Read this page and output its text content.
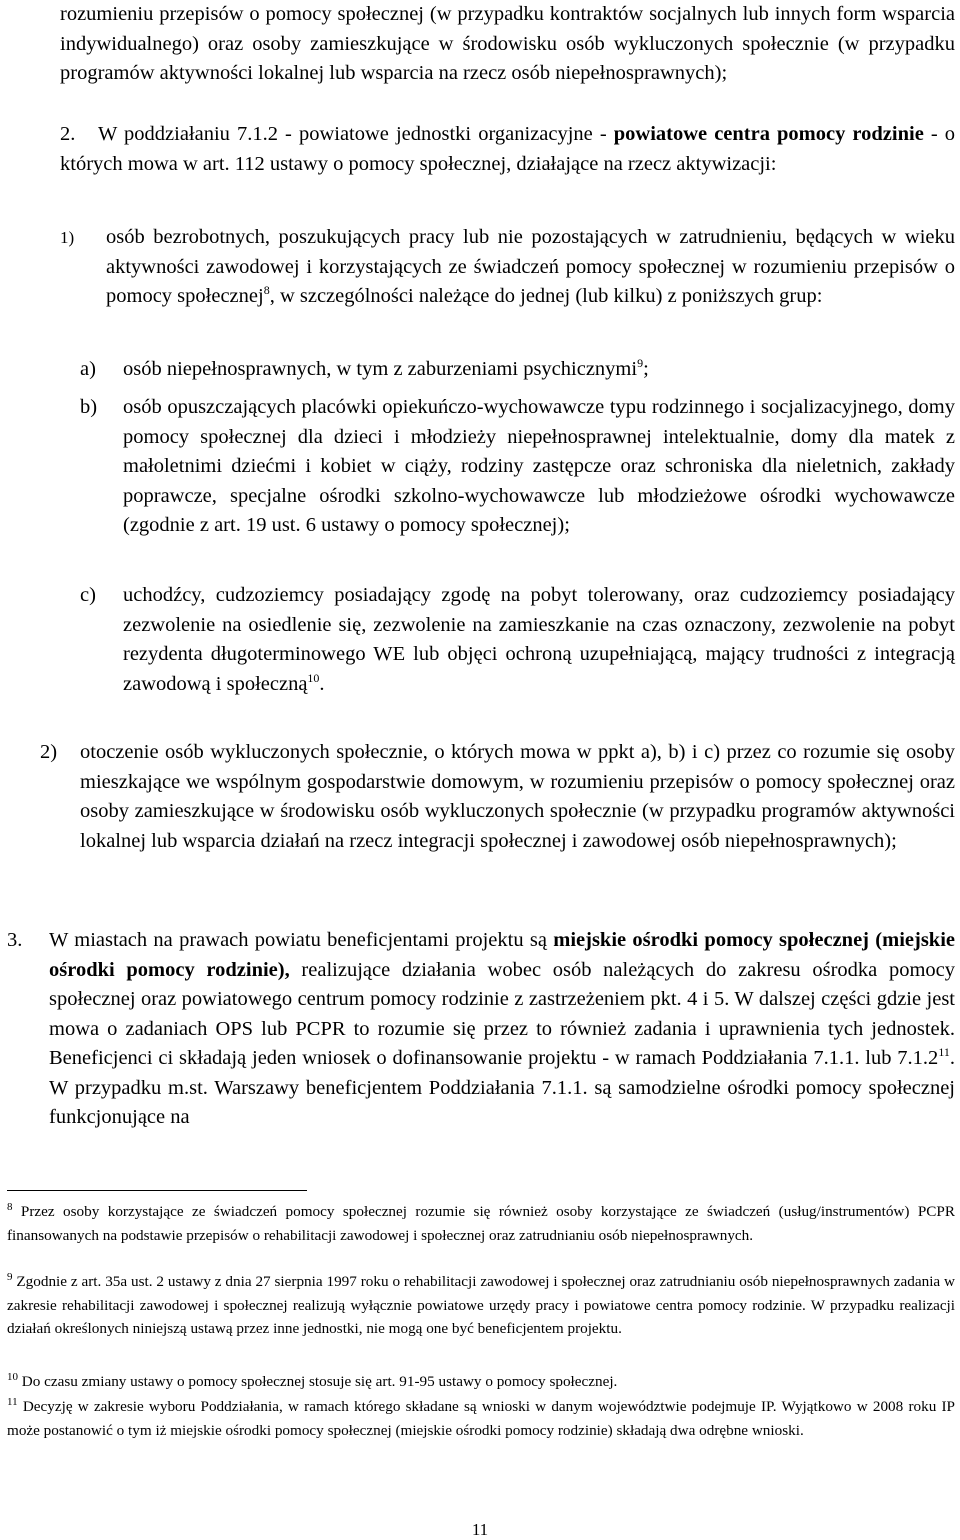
rozumieniu przepisów o pomocy społecznej (w przypadku kontraktów socjalnych lub innych form wsparcia indywidualnego) oraz osoby zamieszkujące w środowisku osób wykluczonych społecznie (w przypadku programów aktywności lokalnej lub wsparcia na rzecz osób niepełnosprawnych);

2. W poddziałaniu 7.1.2 - powiatowe jednostki organizacyjne - powiatowe centra pomocy rodzinie - o których mowa w art. 112 ustawy o pomocy społecznej, działające na rzecz aktywizacji:

1) osób bezrobotnych, poszukujących pracy lub nie pozostających w zatrudnieniu, będących w wieku aktywności zawodowej i korzystających ze świadczeń pomocy społecznej w rozumieniu przepisów o pomocy społecznej$^8$, w szczególności należące do jednej (lub kilku) z poniższych grup:
a) osób niepełnosprawnych, w tym z zaburzeniami psychicznymi$^9$;
b) osób opuszczających placówki opiekuńczo-wychowawcze typu rodzinnego i socjalizacyjnego, domy pomocy społecznej dla dzieci i młodzieży niepełnosprawnej intelektualnie, domy dla matek z małoletnimi dziećmi i kobiet w ciąży, rodziny zastępcze oraz schroniska dla nieletnich, zakłady poprawcze, specjalne ośrodki szkolno-wychowawcze lub młodzieżowe ośrodki wychowawcze (zgodnie z art. 19 ust. 6 ustawy o pomocy społecznej);
c) uchodźcy, cudzoziemcy posiadający zgodę na pobyt tolerowany, oraz cudzoziemcy posiadający zezwolenie na osiedlenie się, zezwolenie na zamieszkanie na czas oznaczony, zezwolenie na pobyt rezydenta długoterminowego WE lub objęci ochroną uzupełniającą, mający trudności z integracją zawodową i społeczną$^{10}$.
2) otoczenie osób wykluczonych społecznie, o których mowa w ppkt a), b) i c) przez co rozumie się osoby mieszkające we wspólnym gospodarstwie domowym, w rozumieniu przepisów o pomocy społecznej oraz osoby zamieszkujące w środowisku osób wykluczonych społecznie (w przypadku programów aktywności lokalnej lub wsparcia działań na rzecz integracji społecznej i zawodowej osób niepełnosprawnych);
3. W miastach na prawach powiatu beneficjentami projektu są miejskie ośrodki pomocy społecznej (miejskie ośrodki pomocy rodzinie), realizujące działania wobec osób należących do zakresu ośrodka pomocy społecznej oraz powiatowego centrum pomocy rodzinie z zastrzeżeniem pkt. 4 i 5. W dalszej części gdzie jest mowa o zadaniach OPS lub PCPR to rozumie się przez to również zadania i uprawnienia tych jednostek. Beneficjenci ci składają jeden wniosek o dofinansowanie projektu - w ramach Poddziałania 7.1.1. lub 7.1.2$^{11}$. W przypadku m.st. Warszawy beneficjentem Poddziałania 7.1.1. są samodzielne ośrodki pomocy społecznej funkcjonujące na

$^8$ Przez osoby korzystające ze świadczeń pomocy społecznej rozumie się również osoby korzystające ze świadczeń (usług/instrumentów) PCPR finansowanych na podstawie przepisów o rehabilitacji zawodowej i społecznej oraz zatrudnianiu osób niepełnosprawnych.

$^9$ Zgodnie z art. 35a ust. 2 ustawy z dnia 27 sierpnia 1997 roku o rehabilitacji zawodowej i społecznej oraz zatrudnianiu osób niepełnosprawnych zadania w zakresie rehabilitacji zawodowej i społecznej realizują wyłącznie powiatowe urzędy pracy i powiatowe centra pomocy rodzinie. W przypadku realizacji działań określonych niniejszą ustawą przez inne jednostki, nie mogą one być beneficjentem projektu.

$^{10}$ Do czasu zmiany ustawy o pomocy społecznej stosuje się art. 91-95 ustawy o pomocy społecznej.

$^{11}$ Decyzję w zakresie wyboru Poddziałania, w ramach którego składane są wnioski w danym województwie podejmuje IP. Wyjątkowo w 2008 roku IP może postanowić o tym iż miejskie ośrodki pomocy społecznej (miejskie ośrodki pomocy rodzinie) składają dwa odrębne wnioski.

11
